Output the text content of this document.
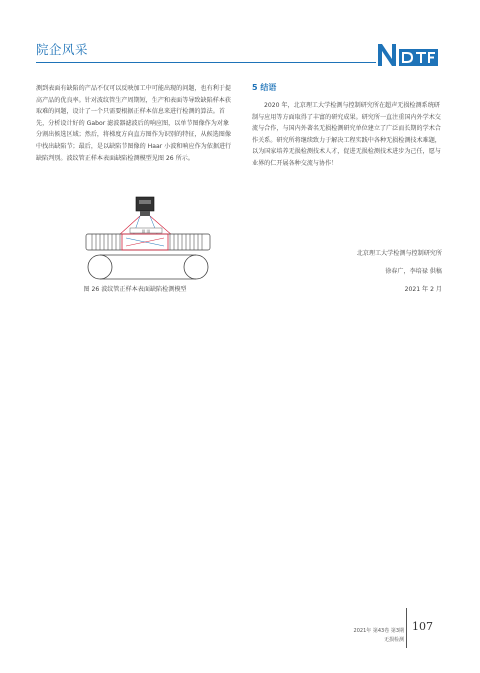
院企风采
测到表面有缺陷的产品不仅可以反映加工中可能出现的问题，也有利于提高产品的优良率。针对波纹管生产周期短，生产和表面等导致缺陷样本获取难的问题，设计了一个只需要根据正样本信息来进行检测的算法。首先，分析设计好的 Gabor 滤波器滤波后的响应图，以单节图像作为对象分割出候选区域；然后，将梯度方向直方图作为识别的特征，从候选图像中找出缺陷节；最后，是以缺陷节图像的 Haar 小波和响应作为依据进行缺陷判别。波纹管正样本表面缺陷检测模型见图 26 所示。
||| |||
图 26 波纹管正样本表面缺陷检测模型
5 结语
2020 年，北京理工大学检测与控制研究所在超声无损检测系统研制与应用等方面取得了丰富的研究成果。研究所一直注重国内外学术交流与合作，与国内外著名无损检测研究单位建立了广泛而长期的学术合作关系。研究所将继续致力于解决工程实践中各种无损检测技术难题，以为国家培养无损检测技术人才，促进无损检测技术进步为己任，愿与业界的仁开展各种交流与协作！
北京理工大学检测与控制研究所
徐春广，李培禄 供稿
2021 年 2 月
107
2021年 第43卷 第3期
无损检测
